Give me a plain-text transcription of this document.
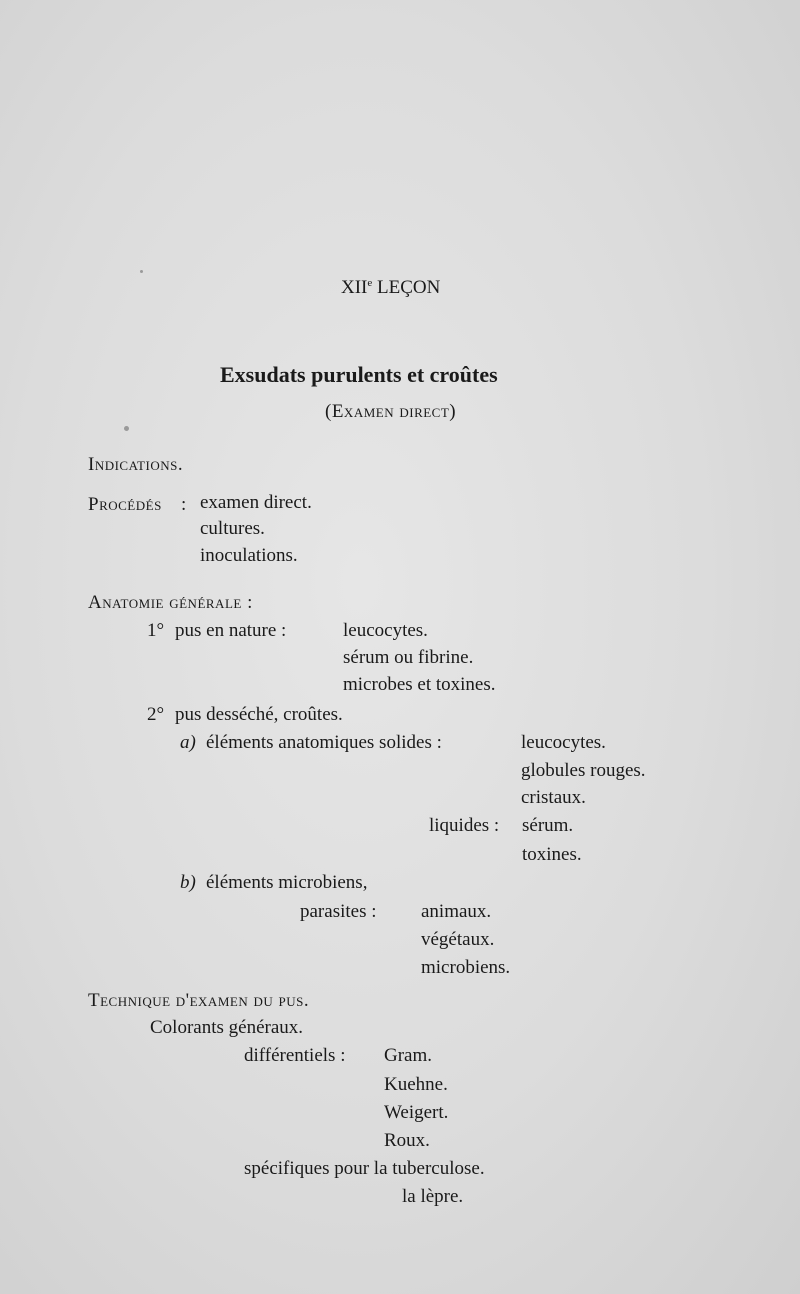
XIIe LEÇON
Exsudats purulents et croûtes
(Examen direct)
Indications.
Procédés : examen direct.
cultures.
inoculations.
Anatomie générale :
1° pus en nature :	leucocytes.
sérum ou fibrine.
microbes et toxines.
2° pus desséché, croûtes.
a) éléments anatomiques solides :	leucocytes.
globules rouges.
cristaux.
liquides : sérum.
toxines.
b) éléments microbiens,
parasites : animaux.
végétaux.
microbiens.
Technique d'examen du pus.
Colorants généraux.
différentiels : Gram.
Kuehne.
Weigert.
Roux.
spécifiques pour la tuberculose.
la lèpre.
